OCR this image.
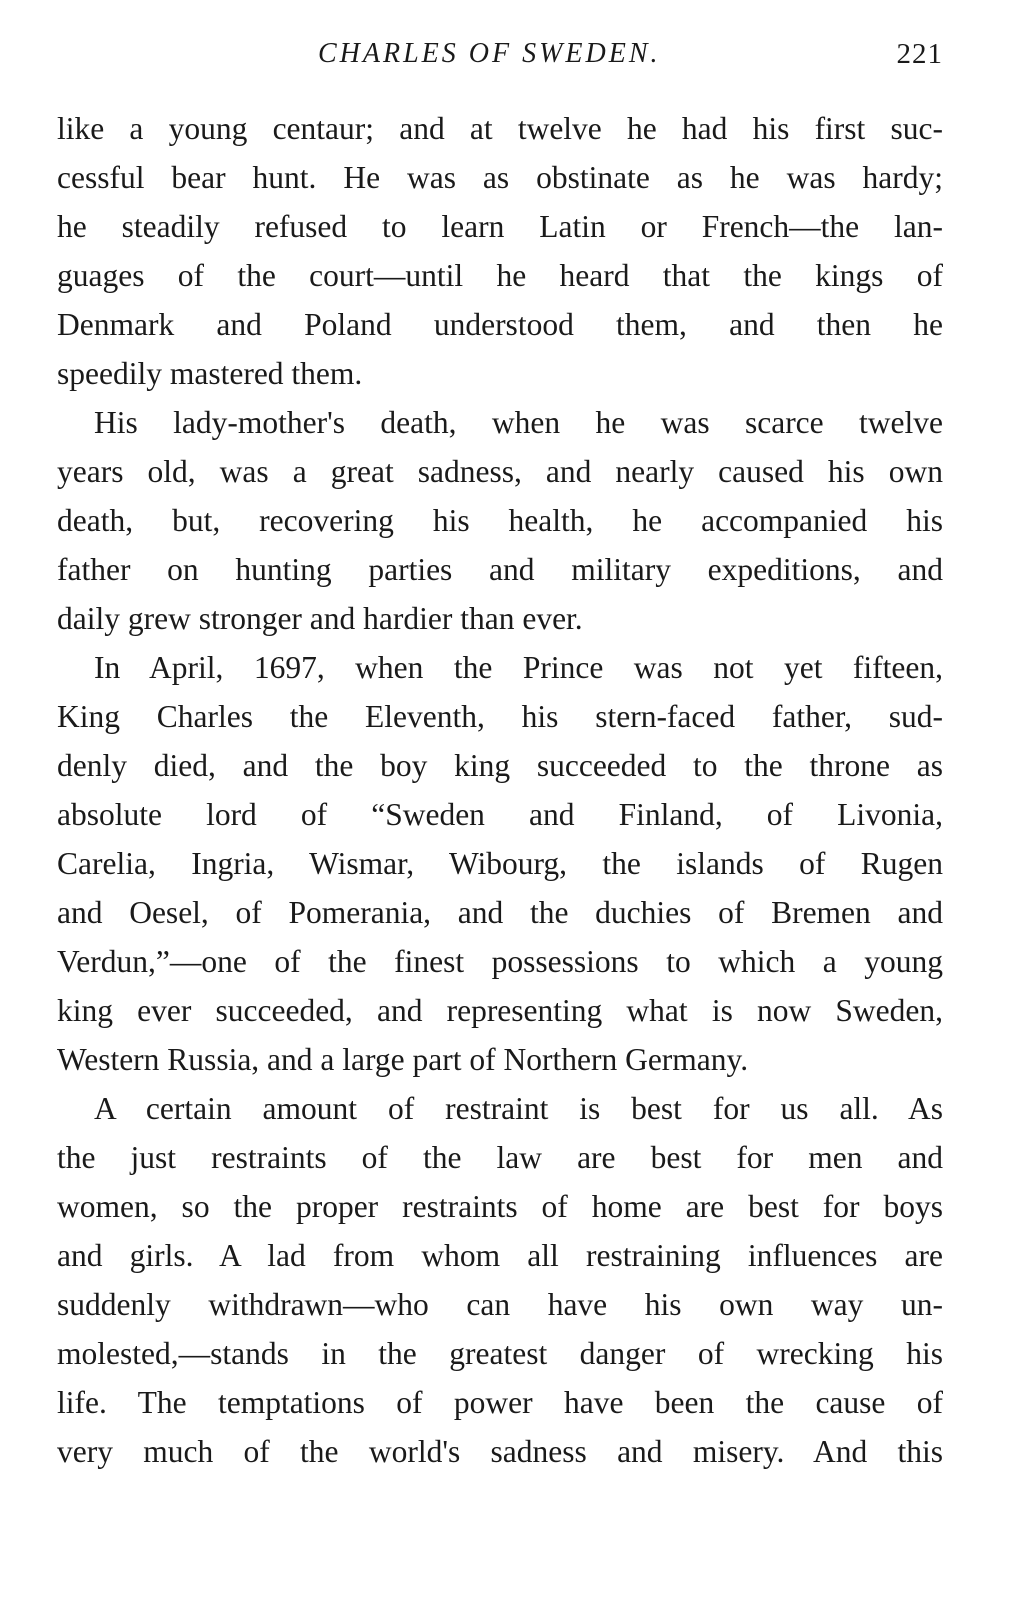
CHARLES OF SWEDEN.	221
like a young centaur; and at twelve he had his first suc-
cessful bear hunt. He was as obstinate as he was hardy;
he steadily refused to learn Latin or French—the lan-
guages of the court—until he heard that the kings of
Denmark and Poland understood them, and then he
speedily mastered them.
His lady-mother's death, when he was scarce twelve
years old, was a great sadness, and nearly caused his own
death, but, recovering his health, he accompanied his
father on hunting parties and military expeditions, and
daily grew stronger and hardier than ever.
In April, 1697, when the Prince was not yet fifteen,
King Charles the Eleventh, his stern-faced father, sud-
denly died, and the boy king succeeded to the throne as
absolute lord of “Sweden and Finland, of Livonia,
Carelia, Ingria, Wismar, Wibourg, the islands of Rugen
and Oesel, of Pomerania, and the duchies of Bremen and
Verdun,”—one of the finest possessions to which a young
king ever succeeded, and representing what is now Sweden,
Western Russia, and a large part of Northern Germany.
A certain amount of restraint is best for us all. As
the just restraints of the law are best for men and
women, so the proper restraints of home are best for boys
and girls. A lad from whom all restraining influences are
suddenly withdrawn—who can have his own way un-
molested,—stands in the greatest danger of wrecking his
life. The temptations of power have been the cause of
very much of the world's sadness and misery. And this
